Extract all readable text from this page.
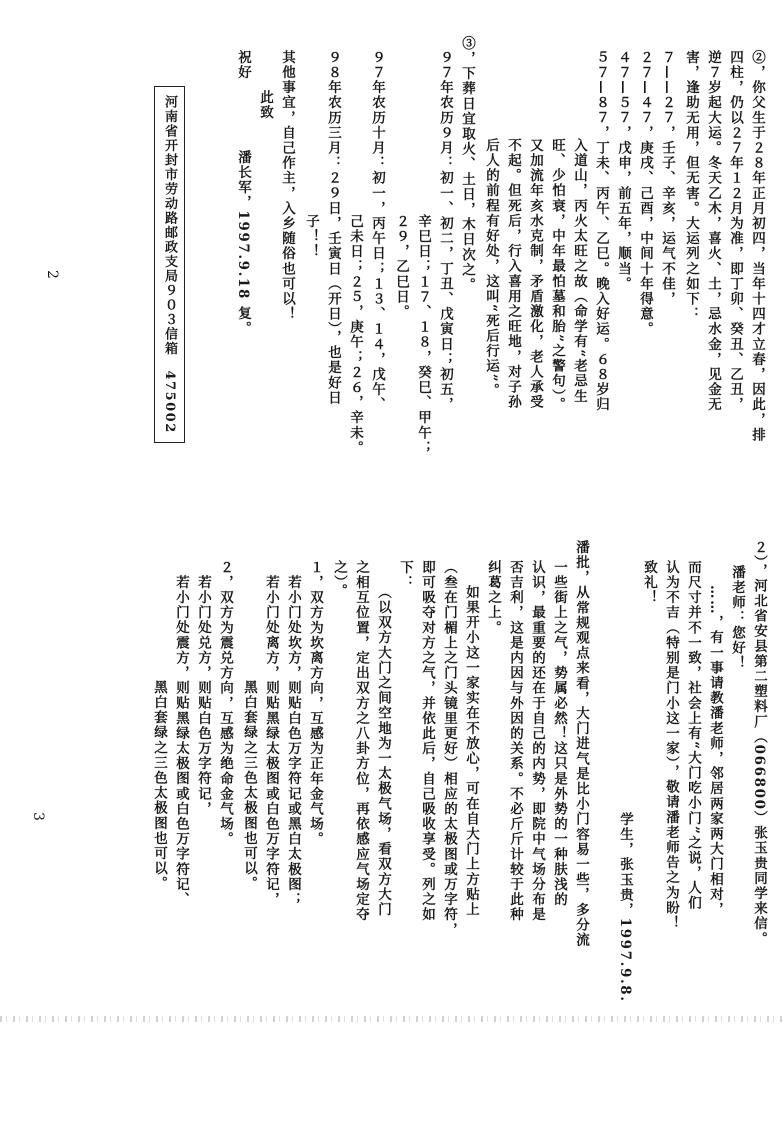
②，你父生于２８年正月初四，当年十四才立春，因此，排
四柱，仍以２７年１２月为准，即丁卯、癸丑、乙丑，
逆７岁起大运。冬天乙木，喜火、土，忌水金，见金无
害，逢助无用，但无害。大运列之如下：
７——２７，壬子、辛亥，运气不佳，
２７—４７，庚戌、己酉，中间十年得意。
４７—５７，戊申，前五年，顺当。
５７—８７，丁未、丙午、乙巳。晚入好运。６８岁归
入道山，丙火太旺之故（命学有“老忌生
旺、少怕衰，中年最怕墓和胎”之警句）。
又加流年亥水克制，矛盾激化，老人承受
不起。但死后，行入喜用之旺地，对子孙
后人的前程有好处，这叫“死后行运”。
③，下葬日宜取火、土日，木日次之。
９７年农历９月：初一、初二，丁丑、戊寅日；初五，
辛巳日；１７、１８，癸巳、甲午；
２９，乙巳日。
９７年农历十月：初一，丙午日；１３、１４，戊午、
己未日；２５，庚午；２６，辛未。
９８年农历三月：２９日，壬寅日（开日），也是好日
子！！
其他事宜，自己作主，入乡随俗也可以！
此致
祝好
潘长军，1997.9.18 复。
河南省开封市劳动路邮政支局９０３信箱　475002
2
２），河北省安县第二塑料厂（066800）张玉贵同学来信。
潘老师：您好！
……，有一事请教潘老师，邻居两家两大门相对，
而尺寸并不一致，社会上有“大门吃小门”之说，人们
认为不吉（特别是门小这一家），敬请潘老师告之为盼！
致礼！
学生，张玉贵，1997.9.8.
潘批，从常规观点来看，大门进气是比小门容易一些，多分流
一些街上之气，势属必然！这只是外势的一种肤浅的
认识，最重要的还在于自己的内势，即院中气场分布是
否吉利，这是内因与外因的关系。不必斤斤计较于此种
纠葛之上。
如果开小这一家实在不放心，可在自大门上方贴上
（叁在门楣上之门头镜里更好）相应的太极图或万字符，
即可吸夺对方之气，并依此后，自己吸收享受。列之如
下：
（以双方大门之间空地为一太极气场，看双方大门
之相互位置，定出双方之八卦方位，再依感应气场定夺
之）。
１，双方为坎离方向，互感为正年金气场。
若小门处坎方，则贴白色万字符记或黑白太极图；
若小门处离方，则贴黑绿太极图或白色万字符记，
黑白套绿之三色太极图也可以。
２，双方为震兑方向，互感为绝命金气场。
若小门处兑方，则贴白色万字符记，
若小门处震方，则贴黑绿太极图或白色万字符记、
黑白套绿之三色太极图也可以。
3
